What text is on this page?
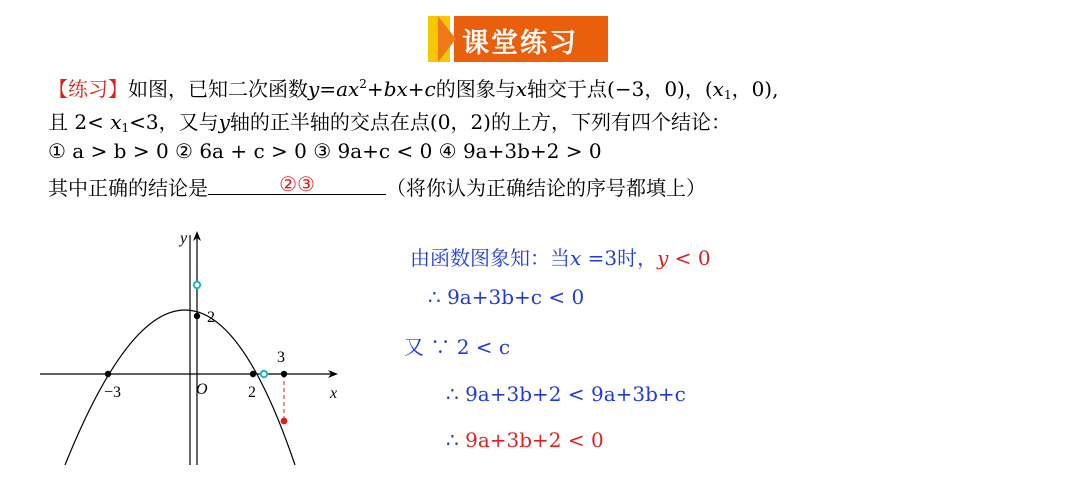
课堂练习
【练习】如图，已知二次函数$y=ax^2+bx+c$的图象与x轴交于点(−3，0)，($x_1$，0),
且 $2< x_1<3$，又与y轴的正半轴的交点在点(0，2)的上方，下列有四个结论：
① a > b > 0 ② 6a + c > 0 ③ 9a+c < 0 ④ 9a+3b+2 > 0
其中正确的结论是	②③	（将你认为正确结论的序号都填上）
y
x
O
−3	2
3
2
由函数图象知：当x =3时，y < 0
∴ 9a+3b+c < 0
又 ∵ 2 < c
∴ 9a+3b+2 < 9a+3b+c
∴ 9a+3b+2 < 0
